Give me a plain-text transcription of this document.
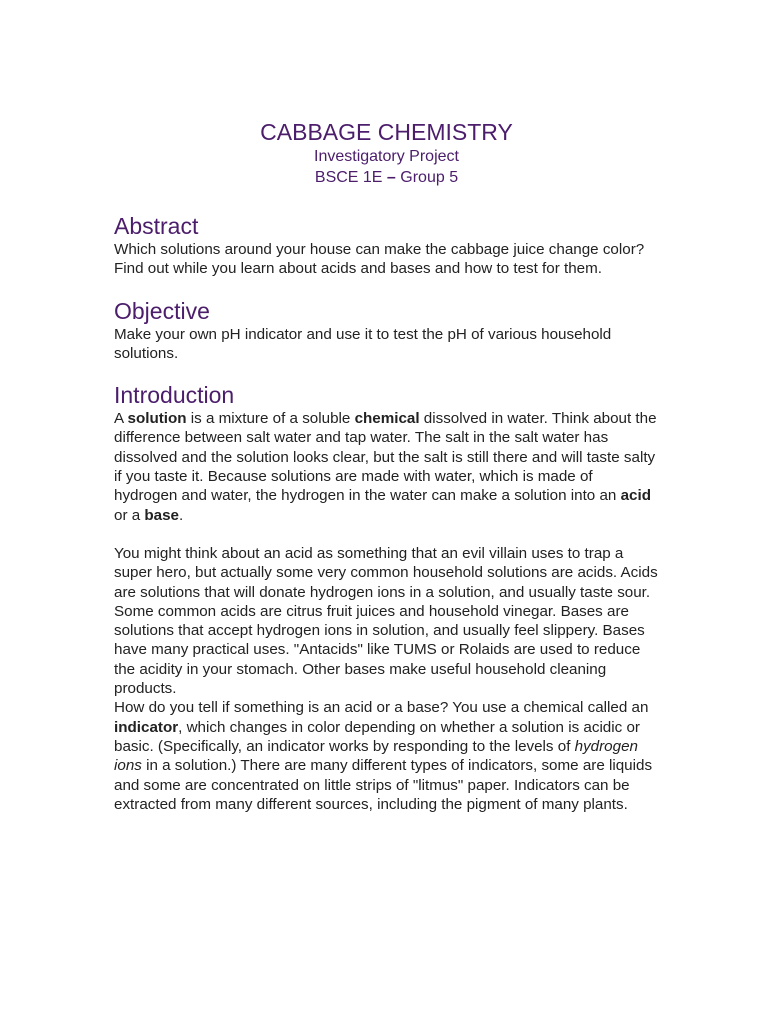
CABBAGE CHEMISTRY

Investigatory Project

BSCE 1E – Group 5

Abstract

Which solutions around your house can make the cabbage juice change color? Find out while you learn about acids and bases and how to test for them.

Objective

Make your own pH indicator and use it to test the pH of various household solutions.

Introduction

A solution is a mixture of a soluble chemical dissolved in water. Think about the difference between salt water and tap water. The salt in the salt water has dissolved and the solution looks clear, but the salt is still there and will taste salty if you taste it. Because solutions are made with water, which is made of hydrogen and water, the hydrogen in the water can make a solution into an acid or a base.

You might think about an acid as something that an evil villain uses to trap a super hero, but actually some very common household solutions are acids. Acids are solutions that will donate hydrogen ions in a solution, and usually taste sour. Some common acids are citrus fruit juices and household vinegar. Bases are solutions that accept hydrogen ions in solution, and usually feel slippery. Bases have many practical uses. "Antacids" like TUMS or Rolaids are used to reduce the acidity in your stomach. Other bases make useful household cleaning products.

How do you tell if something is an acid or a base? You use a chemical called an indicator, which changes in color depending on whether a solution is acidic or basic. (Specifically, an indicator works by responding to the levels of hydrogen ions in a solution.) There are many different types of indicators, some are liquids and some are concentrated on little strips of "litmus" paper. Indicators can be extracted from many different sources, including the pigment of many plants.
